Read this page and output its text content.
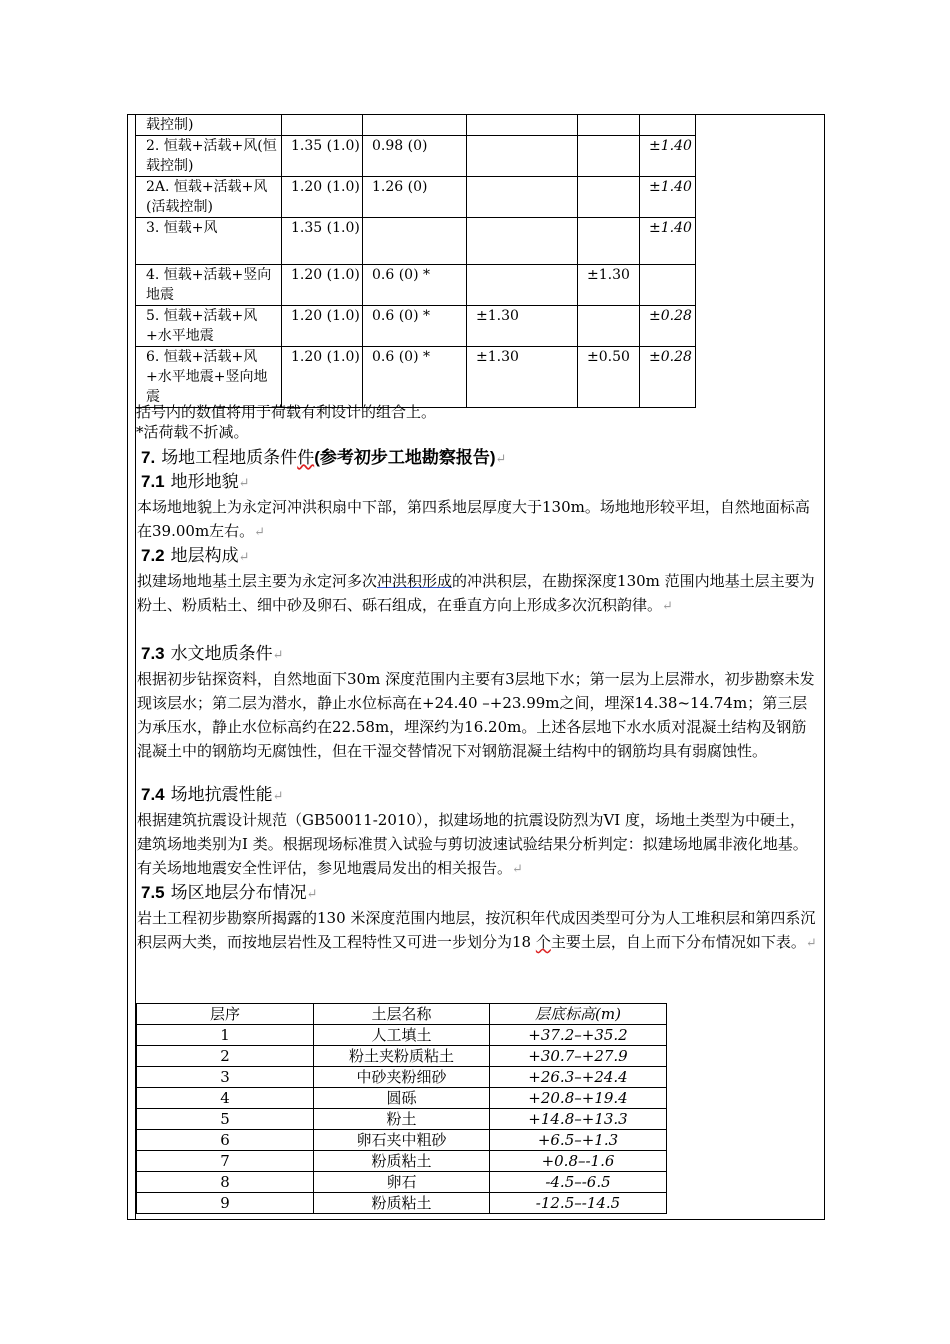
载控制)					
2. 恒载+活载+风(恒载控制)	1.35 (1.0)	0.98 (0)			±1.40
2A. 恒载+活载+风(活载控制)	1.20 (1.0)	1.26 (0)			±1.40
3. 恒载+风	1.35 (1.0)				±1.40
4. 恒载+活载+竖向地震	1.20 (1.0)	0.6 (0) *		±1.30	
5. 恒载+活载+风+水平地震	1.20 (1.0)	0.6 (0) *	±1.30		±0.28
6. 恒载+活载+风+水平地震+竖向地震	1.20 (1.0)	0.6 (0) *	±1.30	±0.50	±0.28
括号内的数值将用于荷载有利设计的组合上。
*活荷载不折减。
7. 场地工程地质条件件(参考初步工地勘察报告)↵
7.1 地形地貌↵
本场地地貌上为永定河冲洪积扇中下部，第四系地层厚度大于130m。场地地形较平坦，自然地面标高在39.00m左右。↵
7.2 地层构成↵
拟建场地地基土层主要为永定河多次冲洪积形成的冲洪积层，在勘探深度130m 范围内地基土层主要为粉土、粉质粘土、细中砂及卵石、砾石组成，在垂直方向上形成多次沉积韵律。↵
7.3 水文地质条件↵
根据初步钻探资料，自然地面下30m 深度范围内主要有3层地下水；第一层为上层滞水，初步勘察未发现该层水；第二层为潜水，静止水位标高在+24.40 –+23.99m之间，埋深14.38~14.74m；第三层为承压水，静止水位标高约在22.58m，埋深约为16.20m。上述各层地下水水质对混凝土结构及钢筋混凝土中的钢筋均无腐蚀性，但在干湿交替情况下对钢筋混凝土结构中的钢筋均具有弱腐蚀性。
7.4 场地抗震性能↵
根据建筑抗震设计规范（GB50011-2010），拟建场地的抗震设防烈为VI 度，场地土类型为中硬土，建筑场地类别为I 类。根据现场标准贯入试验与剪切波速试验结果分析判定：拟建场地属非液化地基。有关场地地震安全性评估，参见地震局发出的相关报告。↵
7.5 场区地层分布情况↵
岩土工程初步勘察所揭露的130 米深度范围内地层，按沉积年代成因类型可分为人工堆积层和第四系沉积层两大类，而按地层岩性及工程特性又可进一步划分为18 个主要土层，自上而下分布情况如下表。↵
层序	土层名称	层底标高(m)
1	人工填土	+37.2–+35.2
2	粉土夹粉质粘土	+30.7–+27.9
3	中砂夹粉细砂	+26.3–+24.4
4	圆砾	+20.8–+19.4
5	粉土	+14.8–+13.3
6	卵石夹中粗砂	+6.5–+1.3
7	粉质粘土	+0.8–-1.6
8	卵石	-4.5–-6.5
9	粉质粘土	-12.5–-14.5
